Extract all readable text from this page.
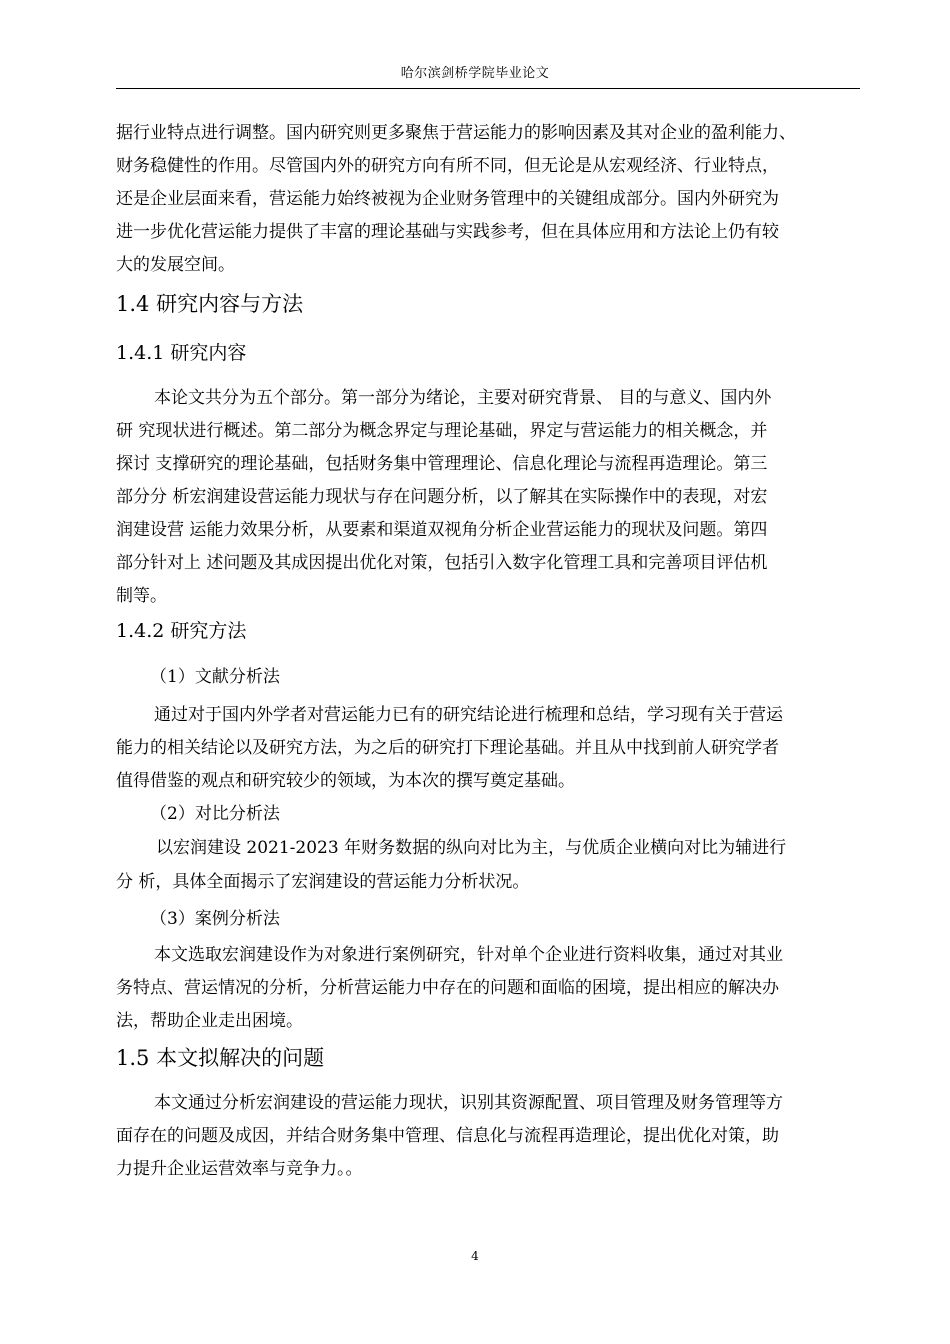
哈尔滨剑桥学院毕业论文
据行业特点进行调整。国内研究则更多聚焦于营运能力的影响因素及其对企业的盈利能力、
财务稳健性的作用。尽管国内外的研究方向有所不同，但无论是从宏观经济、行业特点，
还是企业层面来看，营运能力始终被视为企业财务管理中的关键组成部分。国内外研究为
进一步优化营运能力提供了丰富的理论基础与实践参考，但在具体应用和方法论上仍有较
大的发展空间。
1.4 研究内容与方法
1.4.1 研究内容
本论文共分为五个部分。第一部分为绪论，主要对研究背景、 目的与意义、国内外
研 究现状进行概述。第二部分为概念界定与理论基础，界定与营运能力的相关概念，并
探讨 支撑研究的理论基础，包括财务集中管理理论、信息化理论与流程再造理论。第三
部分分 析宏润建设营运能力现状与存在问题分析，以了解其在实际操作中的表现，对宏
润建设营 运能力效果分析，从要素和渠道双视角分析企业营运能力的现状及问题。第四
部分针对上 述问题及其成因提出优化对策，包括引入数字化管理工具和完善项目评估机
制等。
1.4.2 研究方法
（1）文献分析法
通过对于国内外学者对营运能力已有的研究结论进行梳理和总结，学习现有关于营运
能力的相关结论以及研究方法，为之后的研究打下理论基础。并且从中找到前人研究学者
值得借鉴的观点和研究较少的领域，为本次的撰写奠定基础。
（2）对比分析法
以宏润建设 2021-2023 年财务数据的纵向对比为主，与优质企业横向对比为辅进行
分 析，具体全面揭示了宏润建设的营运能力分析状况。
（3）案例分析法
本文选取宏润建设作为对象进行案例研究，针对单个企业进行资料收集，通过对其业
务特点、营运情况的分析，分析营运能力中存在的问题和面临的困境，提出相应的解决办
法，帮助企业走出困境。
1.5 本文拟解决的问题
本文通过分析宏润建设的营运能力现状，识别其资源配置、项目管理及财务管理等方
面存在的问题及成因，并结合财务集中管理、信息化与流程再造理论，提出优化对策，助
力提升企业运营效率与竞争力。。
4
